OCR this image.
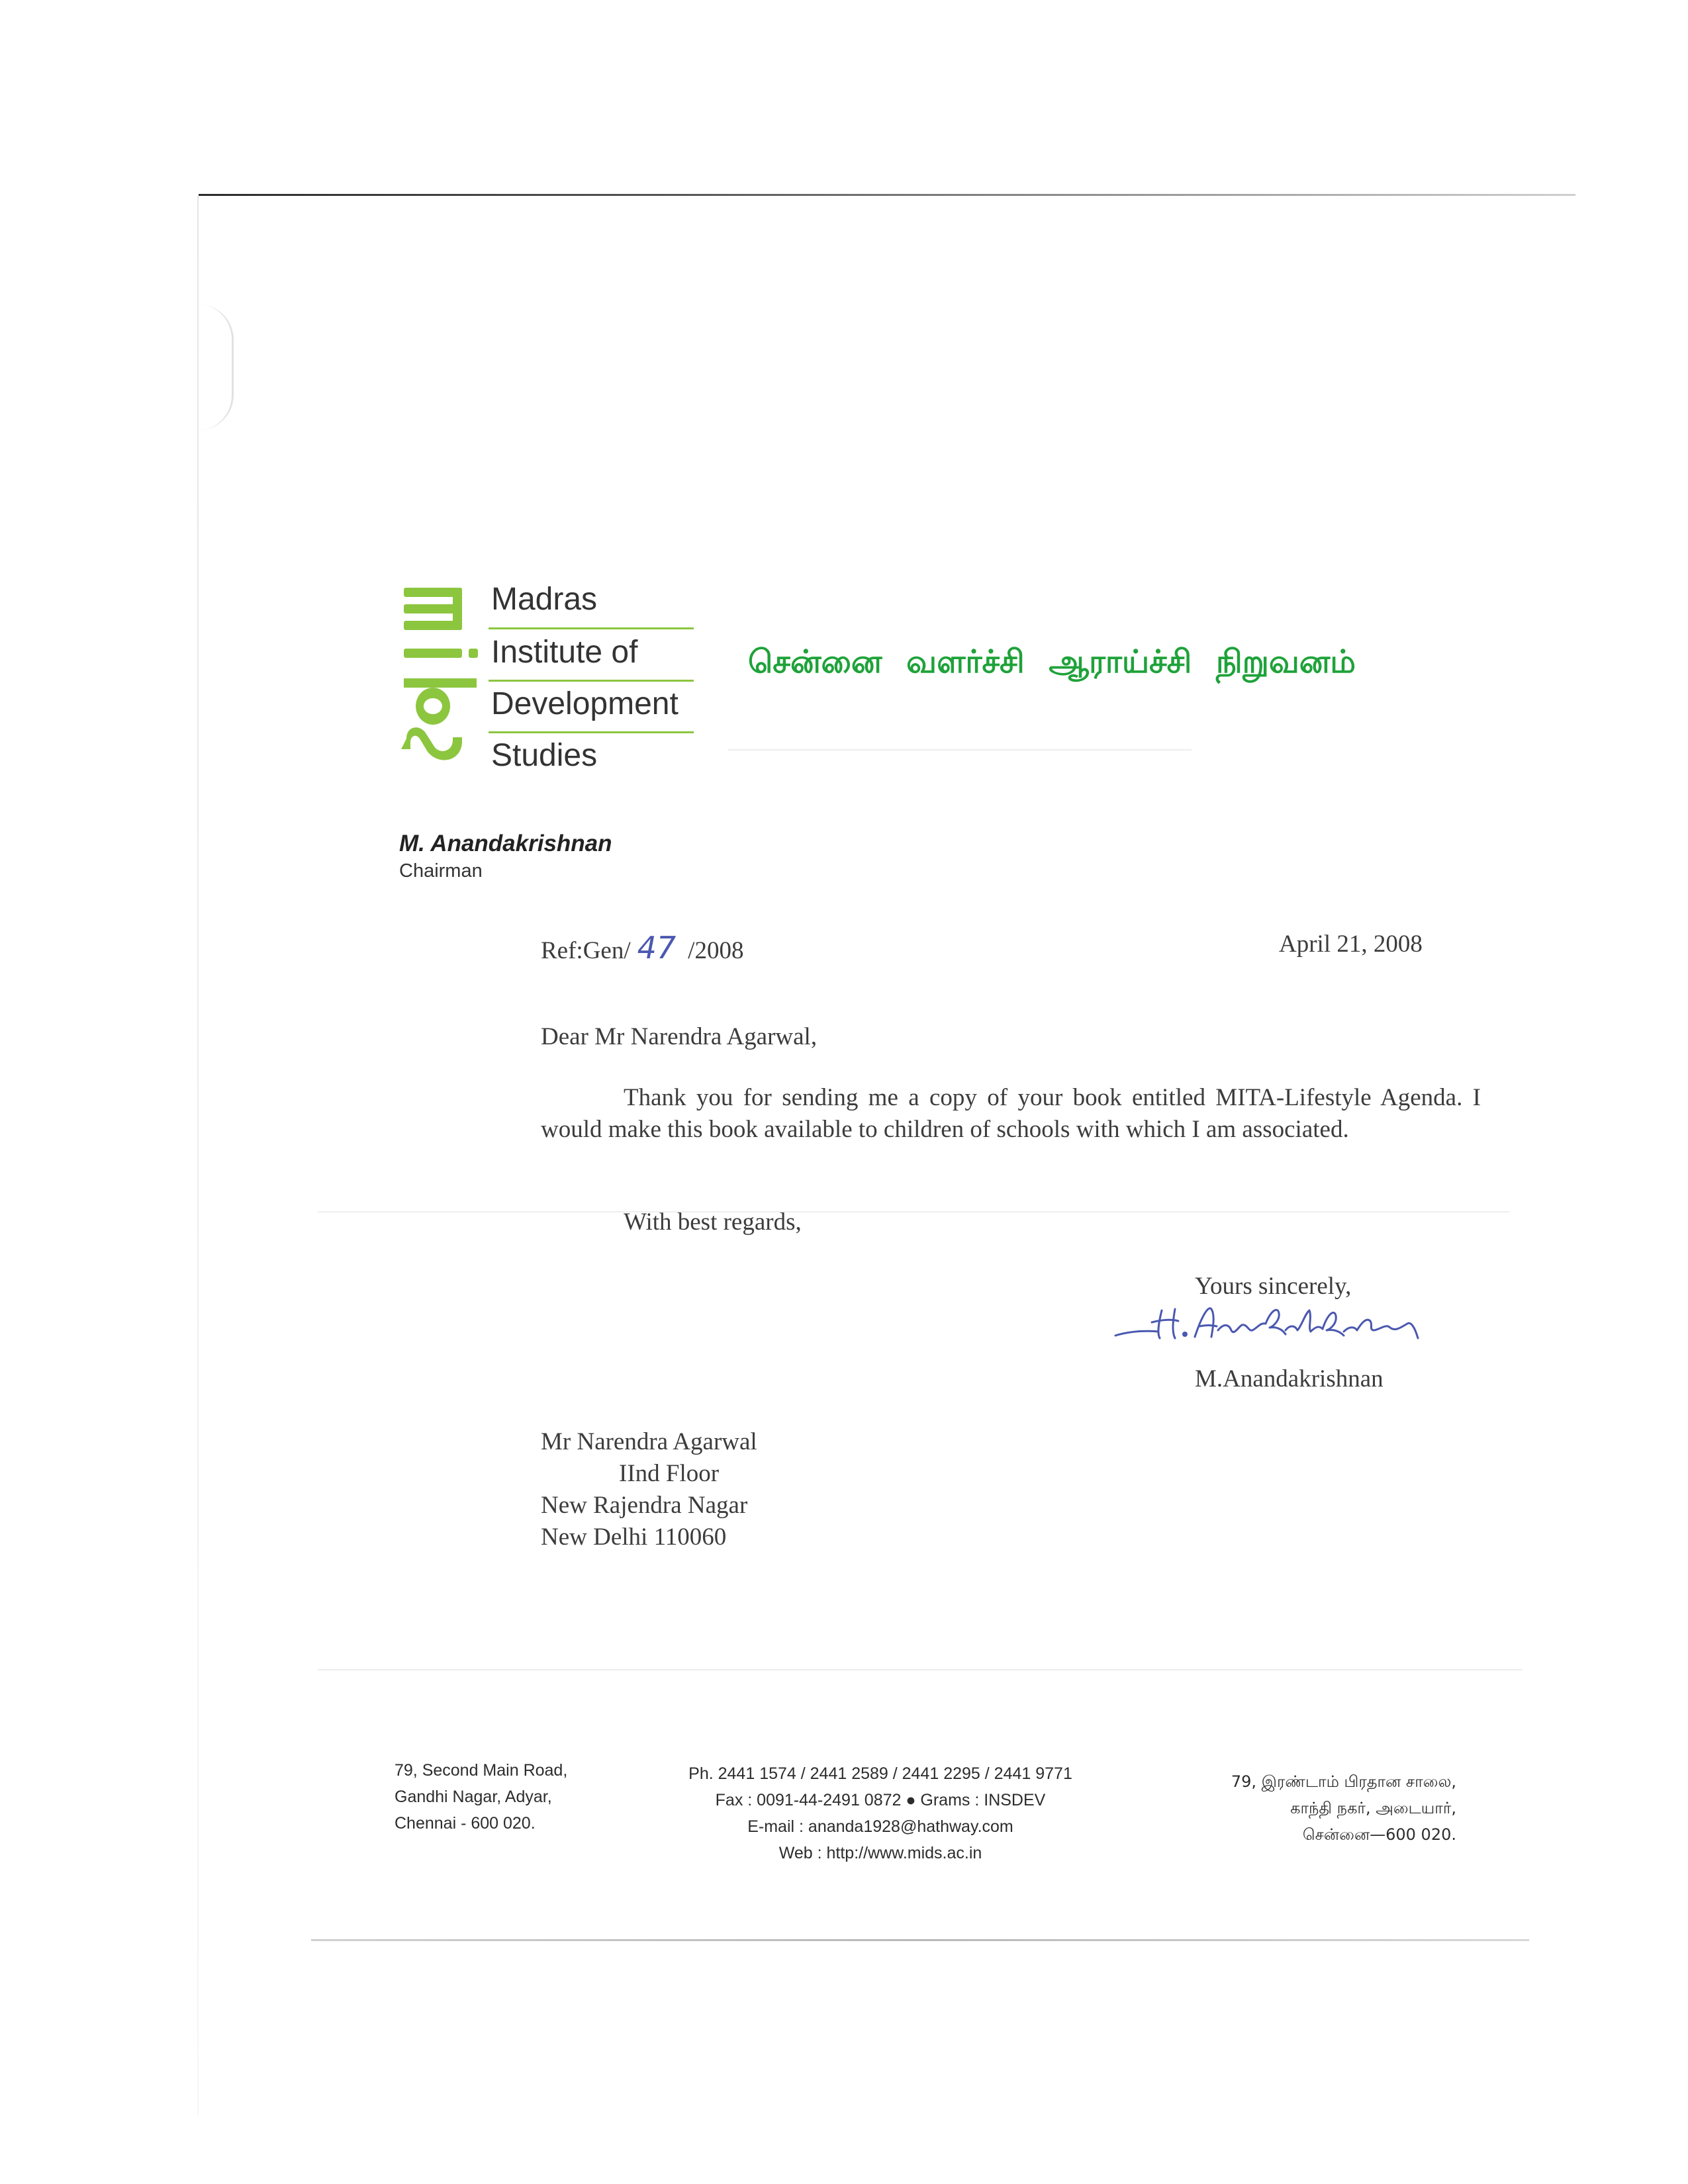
Madras
Institute of
Development
Studies
சென்னை வளர்ச்சி ஆராய்ச்சி நிறுவனம்
M. Anandakrishnan
Chairman
Ref:Gen/ 47 /2008	April 21, 2008
Dear Mr Narendra Agarwal,
Thank you for sending me a copy of your book entitled MITA-Lifestyle Agenda. I would make this book available to children of schools with which I am associated.
With best regards,
Yours sincerely,
M.Anandakrishnan
Mr Narendra Agarwal
IInd Floor
New Rajendra Nagar
New Delhi 110060
79, Second Main Road,
Gandhi Nagar, Adyar,
Chennai - 600 020.
Ph. 2441 1574 / 2441 2589 / 2441 2295 / 2441 9771
Fax : 0091-44-2491 0872 ● Grams : INSDEV
E-mail : ananda1928@hathway.com
Web : http://www.mids.ac.in
79, இரண்டாம் பிரதான சாலை,
காந்தி நகர், அடையார்,
சென்னை—600 020.
